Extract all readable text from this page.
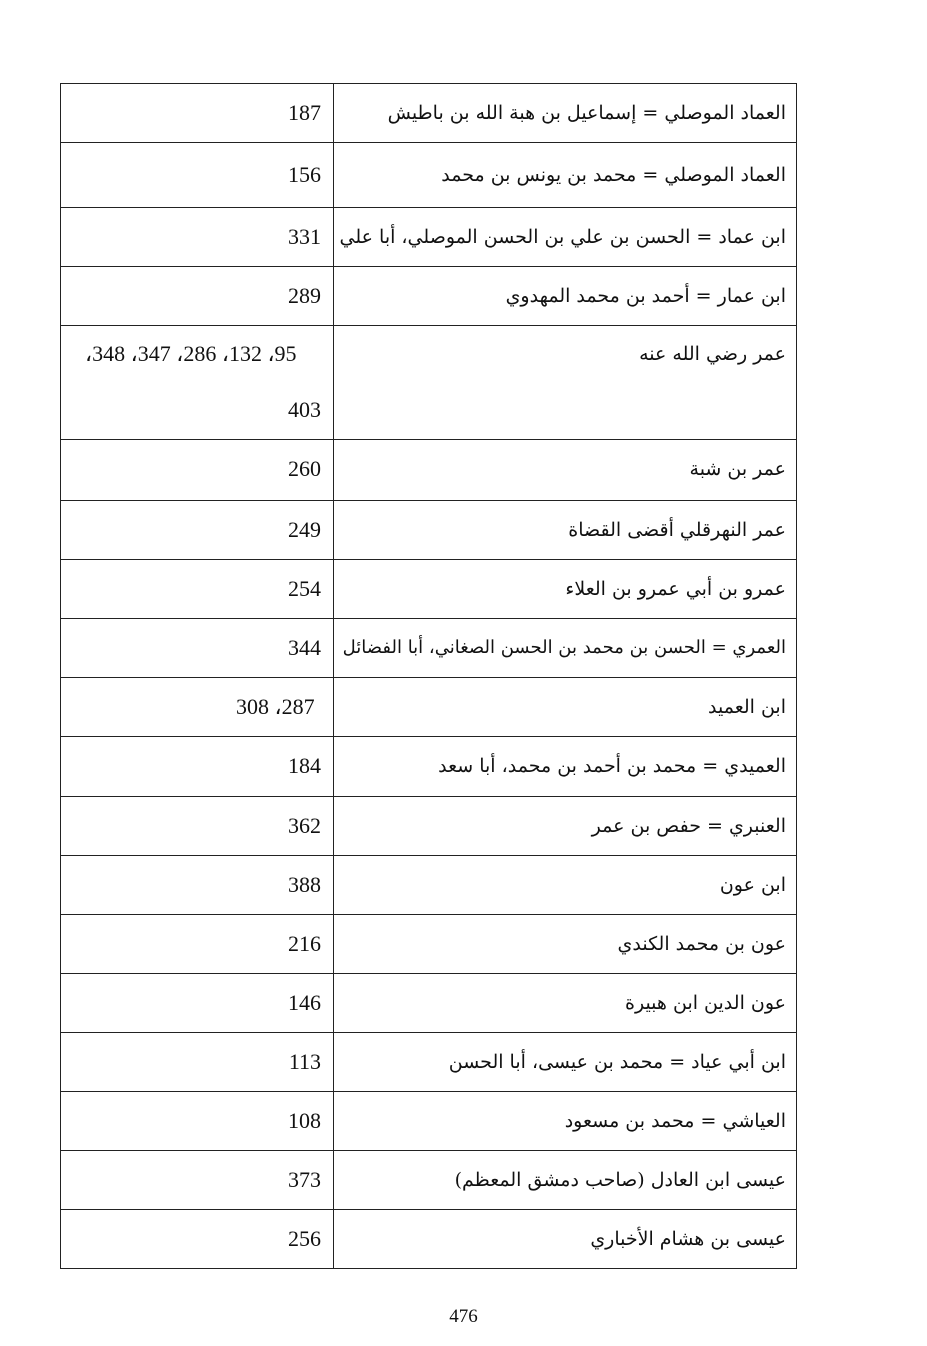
187	العماد الموصلي = إسماعيل بن هبة الله بن باطيش

156	العماد الموصلي = محمد بن يونس بن محمد

331	ابن عماد = الحسن بن علي بن الحسن الموصلي، أبا علي

289	ابن عمار = أحمد بن محمد المهدوي

95، 132، 286، 347، 348،
403	عمر رضي الله عنه

260	عمر بن شبة

249	عمر النهرقلي أقضى القضاة

254	عمرو بن أبي عمرو بن العلاء

344	العمري = الحسن بن محمد بن الحسن الصغاني، أبا الفضائل

287، 308	ابن العميد

184	العميدي = محمد بن أحمد بن محمد، أبا سعد

362	العنبري = حفص بن عمر

388	ابن عون

216	عون بن محمد الكندي

146	عون الدين ابن هبيرة

113	ابن أبي عياد = محمد بن عيسى، أبا الحسن

108	العياشي = محمد بن مسعود

373	عيسى ابن العادل (صاحب دمشق المعظم)

256	عيسى بن هشام الأخباري
476
